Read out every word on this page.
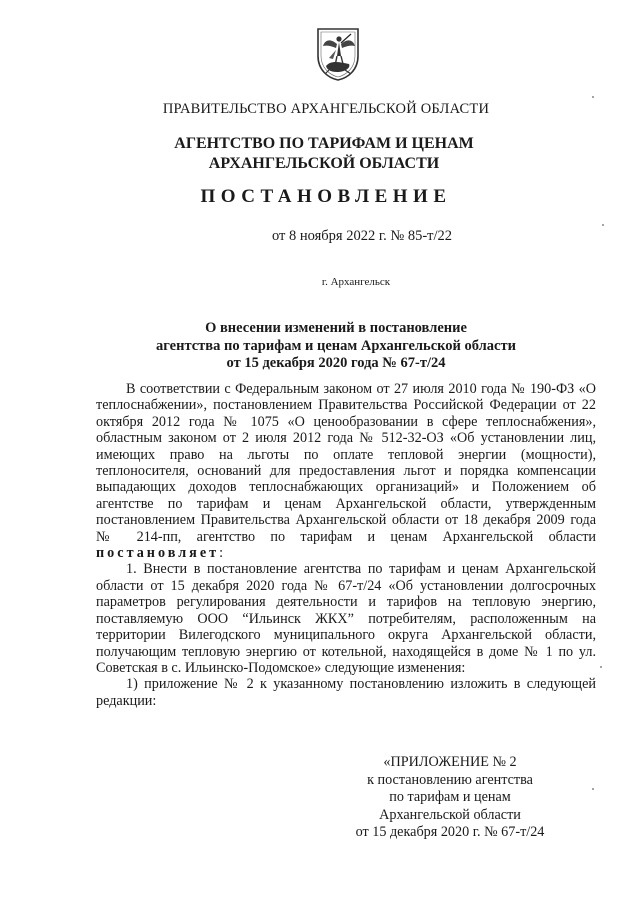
ПРАВИТЕЛЬСТВО АРХАНГЕЛЬСКОЙ ОБЛАСТИ
АГЕНТСТВО ПО ТАРИФАМ И ЦЕНАМ
АРХАНГЕЛЬСКОЙ ОБЛАСТИ
ПОСТАНОВЛЕНИЕ
от 8 ноября 2022 г. № 85-т/22
г. Архангельск
О внесении изменений в постановление
агентства по тарифам и ценам Архангельской области
от 15 декабря 2020 года № 67-т/24

В соответствии с Федеральным законом от 27 июля 2010 года № 190-ФЗ «О теплоснабжении», постановлением Правительства Российской Федерации от 22 октября 2012 года № 1075 «О ценообразовании в сфере теплоснабжения», областным законом от 2 июля 2012 года № 512-32-ОЗ «Об установлении лиц, имеющих право на льготы по оплате тепловой энергии (мощности), теплоносителя, оснований для предоставления льгот и порядка компенсации выпадающих доходов теплоснабжающих организаций» и Положением об агентстве по тарифам и ценам Архангельской области, утвержденным постановлением Правительства Архангельской области от 18 декабря 2009 года № 214-пп, агентство по тарифам и ценам Архангельской области постановляет:

1. Внести в постановление агентства по тарифам и ценам Архангельской области от 15 декабря 2020 года № 67-т/24 «Об установлении долгосрочных параметров регулирования деятельности и тарифов на тепловую энергию, поставляемую ООО “Ильинск ЖКХ” потребителям, расположенным на территории Вилегодского муниципального округа Архангельской области, получающим тепловую энергию от котельной, находящейся в доме № 1 по ул. Советская в с. Ильинско-Подомское» следующие изменения:

1) приложение № 2 к указанному постановлению изложить в следующей редакции:

«ПРИЛОЖЕНИЕ № 2
к постановлению агентства
по тарифам и ценам
Архангельской области
от 15 декабря 2020 г. № 67-т/24
